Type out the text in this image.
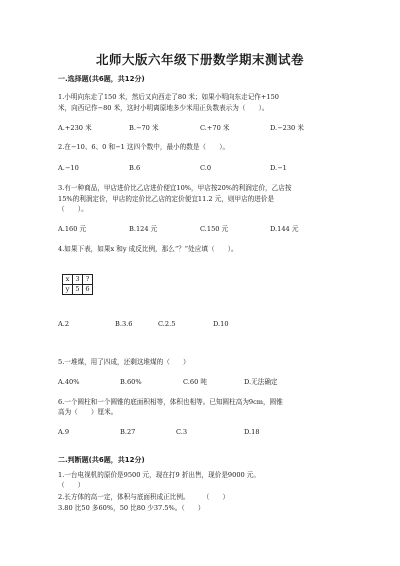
北师大版六年级下册数学期末测试卷
一.选择题(共6题，共12分)
1.小明向东走了150 米，然后又向西走了80 米；如果小明向东走记作+150
米，向西记作−80 米，这时小明离原地多少米用正负数表示为（　　）。
A.+230 米	B.−70 米	C.+70 米	D.−230 米
2.在−10、6、0 和−1 这四个数中，最小的数是（　　）。
A.−10	B.6	C.0	D.−1
3.有一种商品，甲店进价比乙店进价便宜10%，甲店按20%的利润定价，乙店按
15%的利润定价，甲店的定价比乙店的定价便宜11.2 元，则甲店的进价是
（　　）。
A.160 元	B.124 元	C.150 元	D.144 元
4.如果下表，如果x 和y 成反比例，那么“？”处应填（　　）。
x	3	?
y	5	6
A.2	B.3.6	C.2.5	D.10
5.一堆煤，用了四成，还剩这堆煤的（　　）
A.40%	B.60%	C.60 吨	D.无法确定
6.一个圆柱和一个圆锥的底面积相等，体积也相等。已知圆柱高为9cm，圆锥
高为（　　）厘米。
A.9	B.27	C.3	D.18
二.判断题(共6题，共12分)
1.一台电视机的原价是9500 元，现在打9 折出售，现价是9000 元。
（　　）
2.长方体的高一定，体积与底面积成正比例。　　　（　　）
3.80 比50 多60%，50 比80 少37.5%。（　　）
